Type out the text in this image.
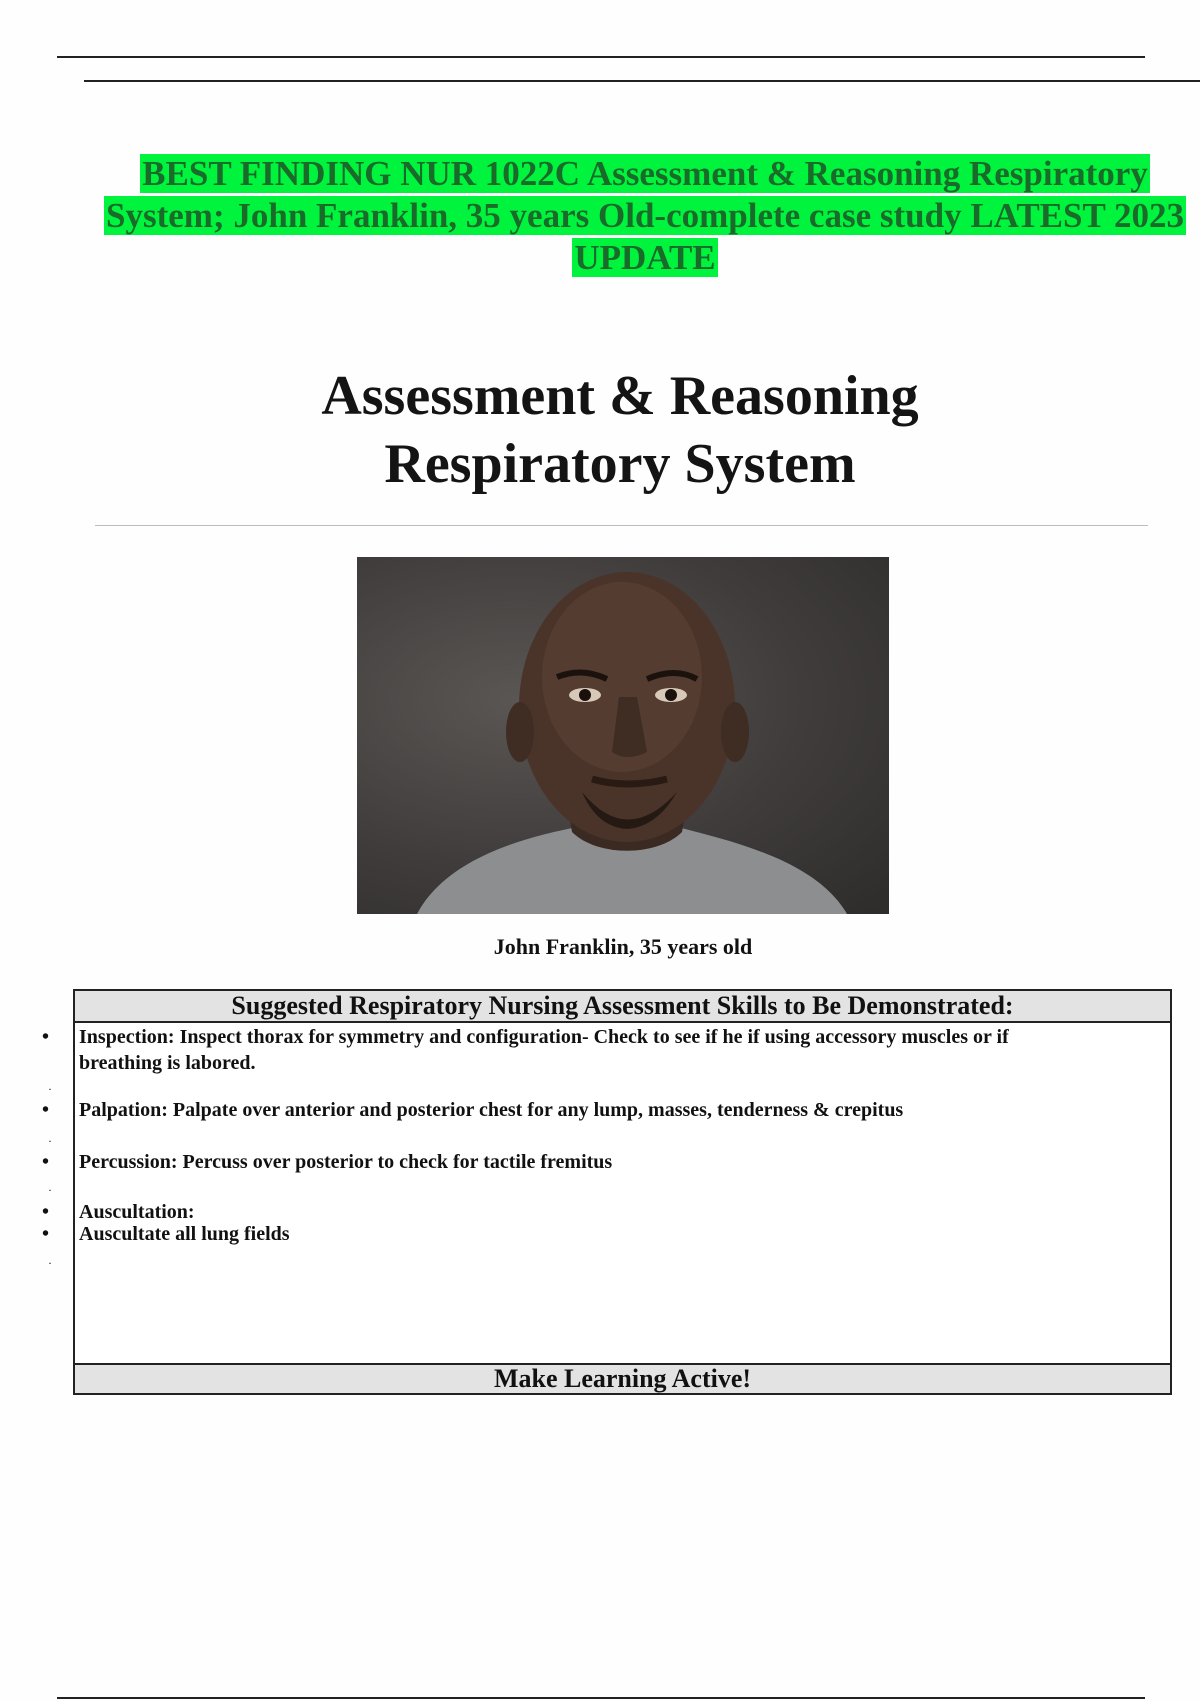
BEST FINDING NUR 1022C Assessment & Reasoning Respiratory System; John Franklin, 35 years Old-complete case study LATEST 2023 UPDATE
Assessment & Reasoning
Respiratory System
John Franklin, 35 years old
Suggested Respiratory Nursing Assessment Skills to Be Demonstrated:
• Inspection: Inspect thorax for symmetry and configuration- Check to see if he if using accessory muscles or if breathing is labored.
• Palpation: Palpate over anterior and posterior chest for any lump, masses, tenderness & crepitus
• Percussion: Percuss over posterior to check for tactile fremitus
• Auscultation:
• Auscultate all lung fields
·
·
·
·
Make Learning Active!
